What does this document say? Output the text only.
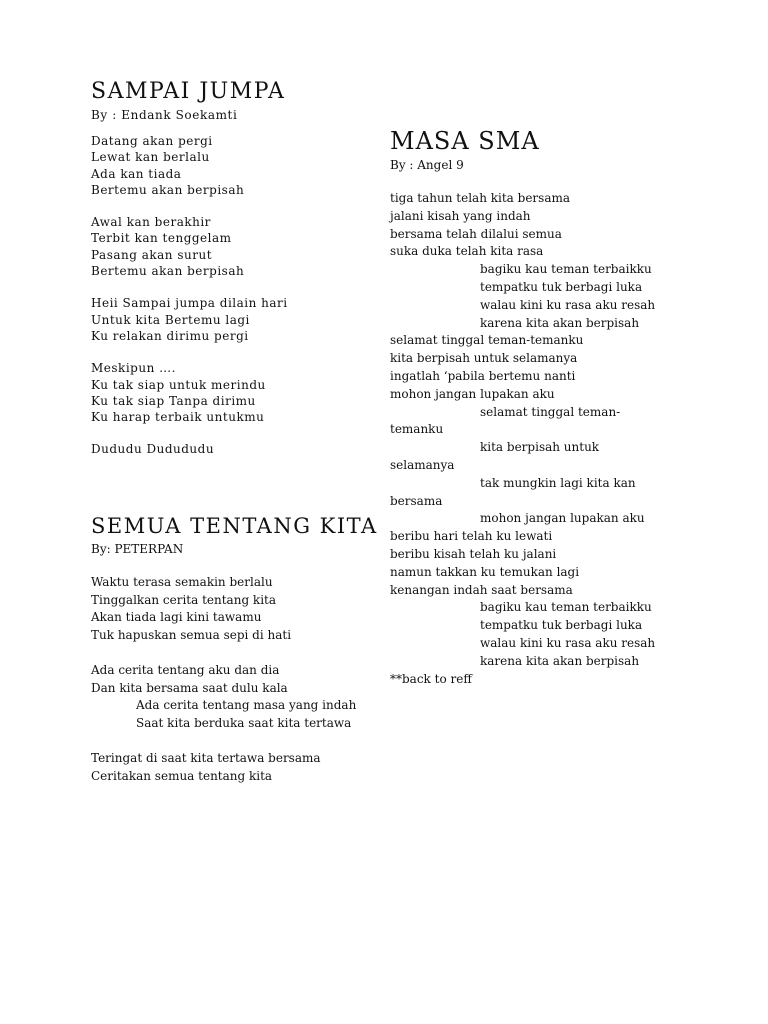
SAMPAI JUMPA

By : Endank Soekamti

Datang akan pergi
Lewat kan berlalu
Ada kan tiada
Bertemu akan berpisah
Awal kan berakhir
Terbit kan tenggelam
Pasang akan surut
Bertemu akan berpisah
Heii Sampai jumpa dilain hari
Untuk kita Bertemu lagi
Ku relakan dirimu pergi
Meskipun ….
Ku tak siap untuk merindu
Ku tak siap Tanpa dirimu
Ku harap terbaik untukmu
Dududu Dudududu
SEMUA TENTANG KITA

By: PETERPAN

Waktu terasa semakin berlalu
Tinggalkan cerita tentang kita
Akan tiada lagi kini tawamu
Tuk hapuskan semua sepi di hati
Ada cerita tentang aku dan dia
Dan kita bersama saat dulu kala
Ada cerita tentang masa yang indah
Saat kita berduka saat kita tertawa
Teringat di saat kita tertawa bersama
Ceritakan semua tentang kita
MASA SMA

By : Angel 9

tiga tahun telah kita bersama
jalani kisah yang indah
bersama telah dilalui semua
suka duka telah kita rasa
bagiku kau teman terbaikku
tempatku tuk berbagi luka
walau kini ku rasa aku resah
karena kita akan berpisah
selamat tinggal teman-temanku
kita berpisah untuk selamanya
ingatlah ‘pabila bertemu nanti
mohon jangan lupakan aku
selamat tinggal teman-
temanku
kita berpisah untuk
selamanya
tak mungkin lagi kita kan
bersama
mohon jangan lupakan aku
beribu hari telah ku lewati
beribu kisah telah ku jalani
namun takkan ku temukan lagi
kenangan indah saat bersama
bagiku kau teman terbaikku
tempatku tuk berbagi luka
walau kini ku rasa aku resah
karena kita akan berpisah
**back to reff
